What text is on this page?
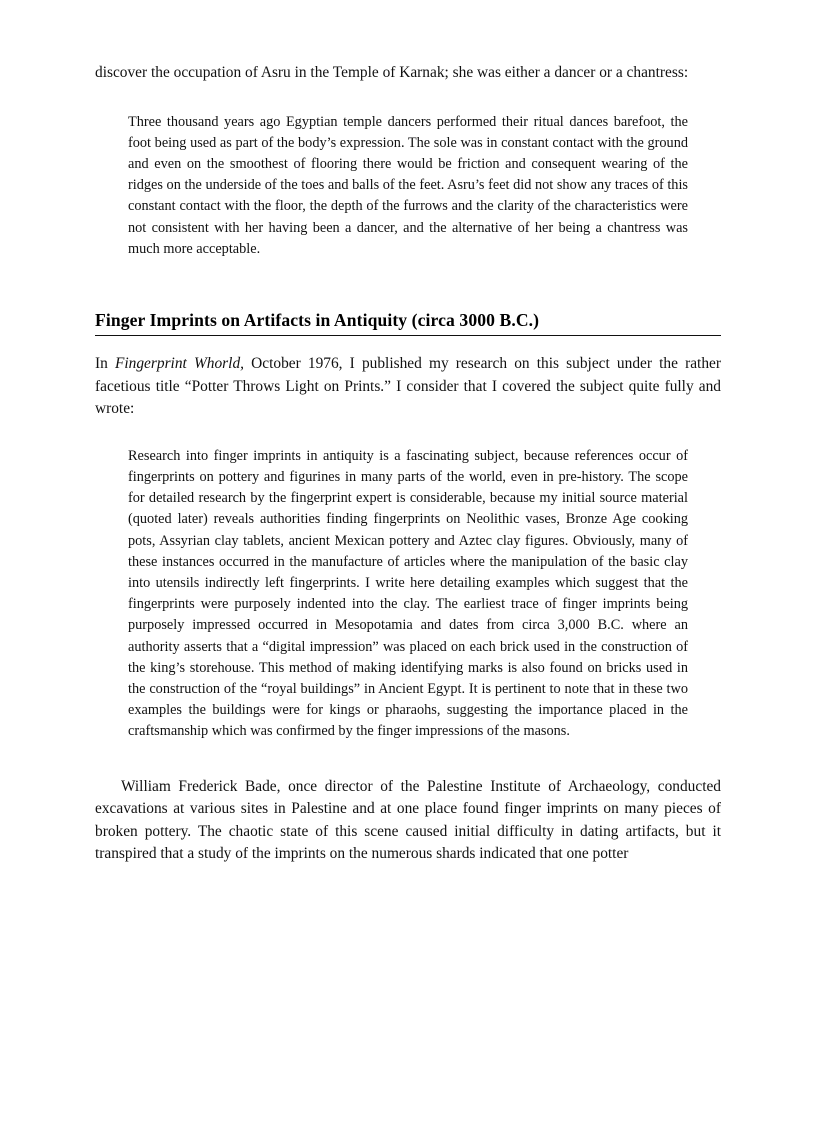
discover the occupation of Asru in the Temple of Karnak; she was either a dancer or a chantress:

Three thousand years ago Egyptian temple dancers performed their ritual dances barefoot, the foot being used as part of the body’s expression. The sole was in constant contact with the ground and even on the smoothest of flooring there would be friction and consequent wearing of the ridges on the underside of the toes and balls of the feet. Asru’s feet did not show any traces of this constant contact with the floor, the depth of the furrows and the clarity of the characteristics were not consistent with her having been a dancer, and the alternative of her being a chantress was much more acceptable.
Finger Imprints on Artifacts in Antiquity (circa 3000 B.C.)

In Fingerprint Whorld, October 1976, I published my research on this subject under the rather facetious title “Potter Throws Light on Prints.” I consider that I covered the subject quite fully and wrote:

Research into finger imprints in antiquity is a fascinating subject, because references occur of fingerprints on pottery and figurines in many parts of the world, even in pre-history. The scope for detailed research by the fingerprint expert is considerable, because my initial source material (quoted later) reveals authorities finding fingerprints on Neolithic vases, Bronze Age cooking pots, Assyrian clay tablets, ancient Mexican pottery and Aztec clay figures. Obviously, many of these instances occurred in the manufacture of articles where the manipulation of the basic clay into utensils indirectly left fingerprints. I write here detailing examples which suggest that the fingerprints were purposely indented into the clay. The earliest trace of finger imprints being purposely impressed occurred in Mesopotamia and dates from circa 3,000 B.C. where an authority asserts that a “digital impression” was placed on each brick used in the construction of the king’s storehouse. This method of making identifying marks is also found on bricks used in the construction of the “royal buildings” in Ancient Egypt. It is pertinent to note that in these two examples the buildings were for kings or pharaohs, suggesting the importance placed in the craftsmanship which was confirmed by the finger impressions of the masons.

William Frederick Bade, once director of the Palestine Institute of Archaeology, conducted excavations at various sites in Palestine and at one place found finger imprints on many pieces of broken pottery. The chaotic state of this scene caused initial difficulty in dating artifacts, but it transpired that a study of the imprints on the numerous shards indicated that one potter
